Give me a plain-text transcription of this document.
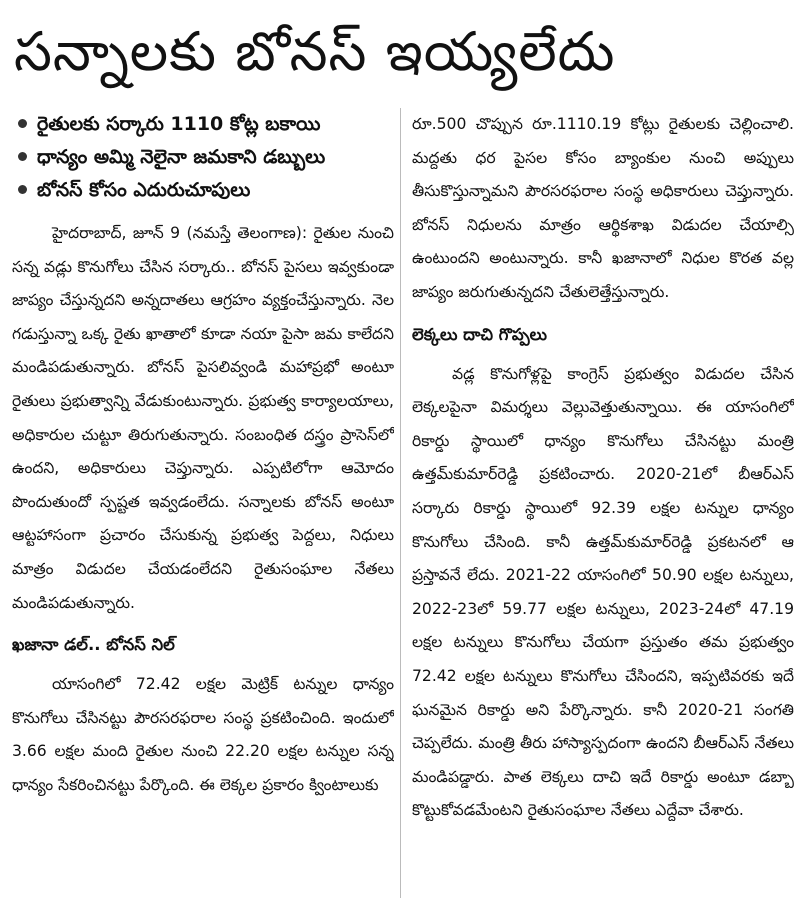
సన్నాలకు బోనస్ ఇయ్యలేదు
రైతులకు సర్కారు 1110 కోట్ల బకాయి
ధాన్యం అమ్మి నెలైనా జమకాని డబ్బులు
బోనస్ కోసం ఎదురుచూపులు

హైదరాబాద్, జూన్ 9 (నమస్తే తెలంగాణ): రైతుల నుంచి సన్న వడ్లు కొనుగోలు చేసిన సర్కారు.. బోనస్ పైసలు ఇవ్వకుండా జాప్యం చేస్తున్నదని అన్నదాతలు ఆగ్రహం వ్యక్తంచేస్తున్నారు. నెల గడుస్తున్నా ఒక్క రైతు ఖాతాలో కూడా నయా పైసా జమ కాలేదని మండిపడుతున్నారు. బోనస్ పైసలివ్వండి మహాప్రభో అంటూ రైతులు ప్రభుత్వాన్ని వేడుకుంటున్నారు. ప్రభుత్వ కార్యాలయాలు, అధికారుల చుట్టూ తిరుగుతున్నారు. సంబంధిత దస్త్రం ప్రాసెస్‌లో ఉందని, అధికారులు చెప్తున్నారు. ఎప్పటిలోగా ఆమోదం పొందుతుందో స్పష్టత ఇవ్వడంలేదు. సన్నాలకు బోనస్ అంటూ ఆట్టహాసంగా ప్రచారం చేసుకున్న ప్రభుత్వ పెద్దలు, నిధులు మాత్రం విడుదల చేయడంలేదని రైతుసంఘాల నేతలు మండిపడుతున్నారు.

ఖజానా డల్.. బోనస్ నిల్

యాసంగిలో 72.42 లక్షల మెట్రిక్ టన్నుల ధాన్యం కొనుగోలు చేసినట్టు పౌరసరఫరాల సంస్థ ప్రకటించింది. ఇందులో 3.66 లక్షల మంది రైతుల నుంచి 22.20 లక్షల టన్నుల సన్న ధాన్యం సేకరించినట్టు పేర్కొంది. ఈ లెక్కల ప్రకారం క్వింటాలుకు

రూ.500 చొప్పున రూ.1110.19 కోట్లు రైతులకు చెల్లించాలి. మద్దతు ధర పైసల కోసం బ్యాంకుల నుంచి అప్పులు తీసుకొస్తున్నామని పౌరసరఫరాల సంస్థ అధికారులు చెప్తున్నారు. బోనస్ నిధులను మాత్రం ఆర్థికశాఖ విడుదల చేయాల్సి ఉంటుందని అంటున్నారు. కానీ ఖజానాలో నిధుల కొరత వల్ల జాప్యం జరుగుతున్నదని చేతులెత్తేస్తున్నారు.

లెక్కలు దాచి గొప్పలు

వడ్ల కొనుగోళ్లపై కాంగ్రెస్ ప్రభుత్వం విడుదల చేసిన లెక్కలపైనా విమర్శలు వెల్లువెత్తుతున్నాయి. ఈ యాసంగిలో రికార్డు స్థాయిలో ధాన్యం కొనుగోలు చేసినట్టు మంత్రి ఉత్తమ్‌కుమార్‌రెడ్డి ప్రకటించారు. 2020-21లో బీఆర్‌ఎస్ సర్కారు రికార్డు స్థాయిలో 92.39 లక్షల టన్నుల ధాన్యం కొనుగోలు చేసింది. కానీ ఉత్తమ్‌కుమార్‌రెడ్డి ప్రకటనలో ఆ ప్రస్తావనే లేదు. 2021-22 యాసంగిలో 50.90 లక్షల టన్నులు, 2022-23లో 59.77 లక్షల టన్నులు, 2023-24లో 47.19 లక్షల టన్నులు కొనుగోలు చేయగా ప్రస్తుతం తమ ప్రభుత్వం 72.42 లక్షల టన్నులు కొనుగోలు చేసిందని, ఇప్పటివరకు ఇదే ఘనమైన రికార్డు అని పేర్కొన్నారు. కానీ 2020-21 సంగతి చెప్పలేదు. మంత్రి తీరు హాస్యాస్పదంగా ఉందని బీఆర్‌ఎస్ నేతలు మండిపడ్డారు. పాత లెక్కలు దాచి ఇదే రికార్డు అంటూ డబ్బా కొట్టుకోవడమేంటని రైతుసంఘాల నేతలు ఎద్దేవా చేశారు.
